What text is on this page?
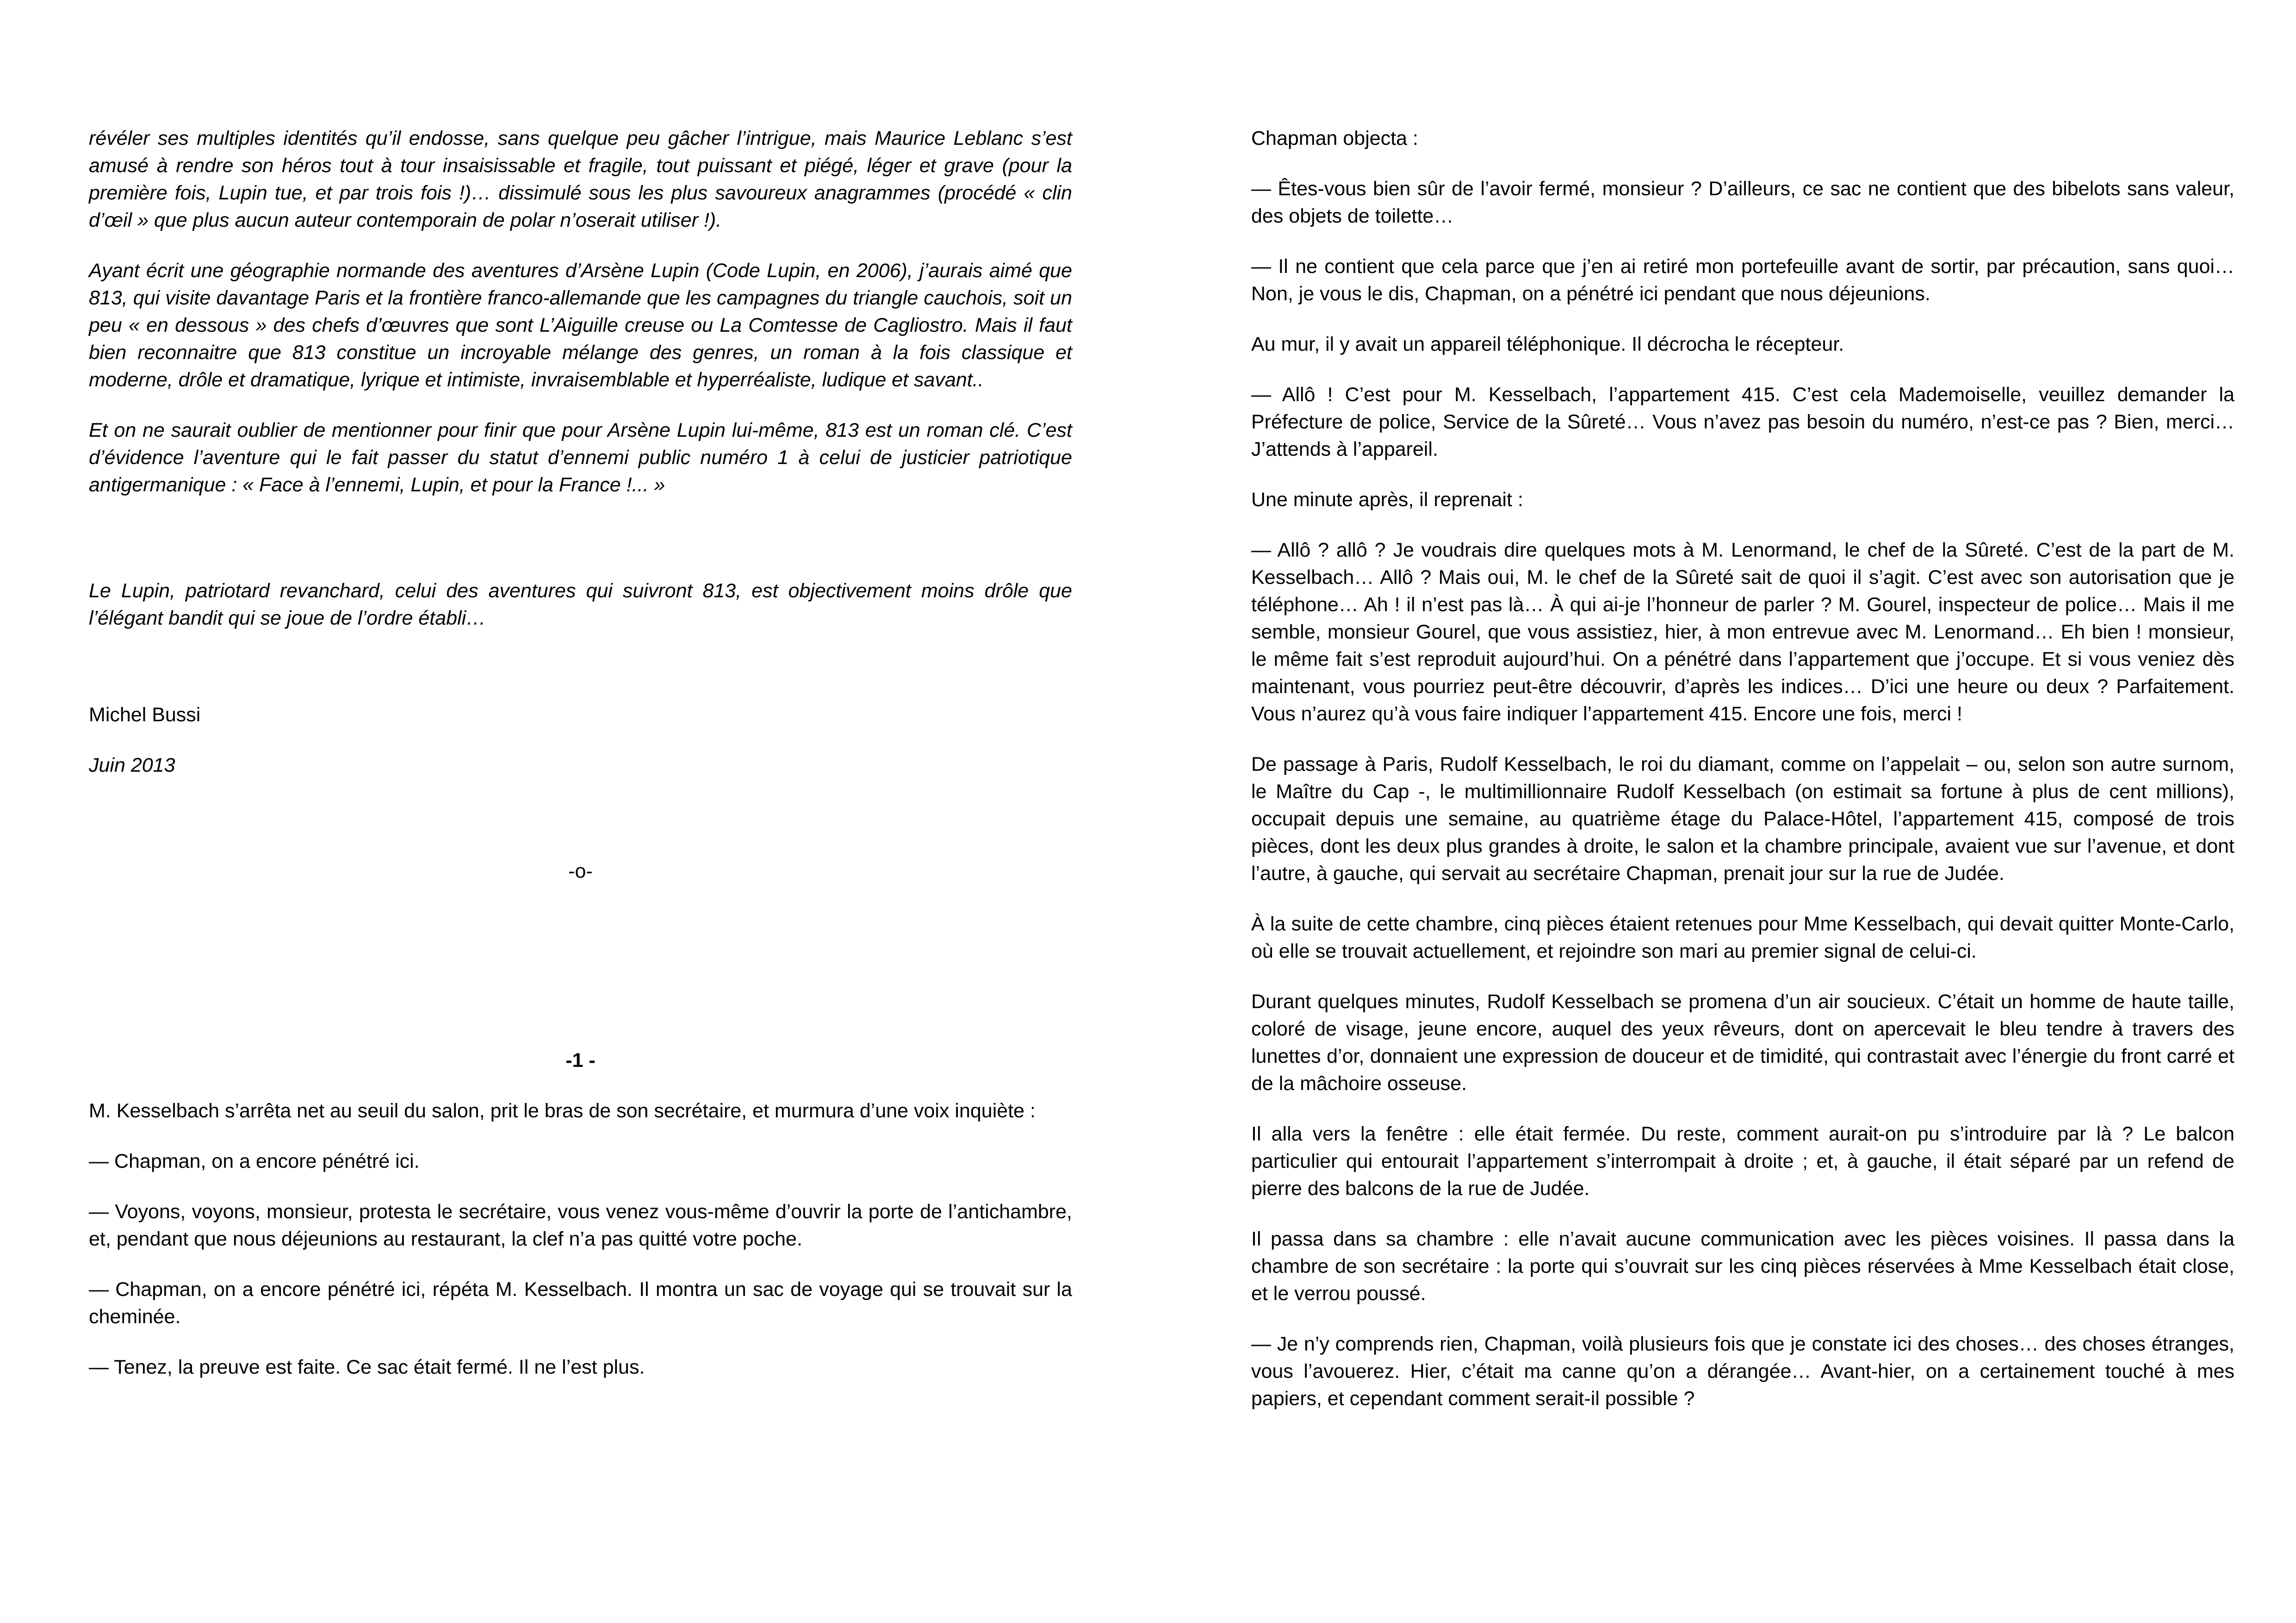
révéler ses multiples identités qu’il endosse, sans quelque peu gâcher l’intrigue, mais Maurice Leblanc s’est amusé à rendre son héros tout à tour insaisissable et fragile, tout puissant et piégé, léger et grave (pour la première fois, Lupin tue, et par trois fois !)… dissimulé sous les plus savoureux anagrammes (procédé « clin d’œil » que plus aucun auteur contemporain de polar n’oserait utiliser !).

Ayant écrit une géographie normande des aventures d’Arsène Lupin (Code Lupin, en 2006), j’aurais aimé que 813, qui visite davantage Paris et la frontière franco-allemande que les campagnes du triangle cauchois, soit un peu « en dessous » des chefs d’œuvres que sont L’Aiguille creuse ou La Comtesse de Cagliostro. Mais il faut bien reconnaitre que 813 constitue un incroyable mélange des genres, un roman à la fois classique et moderne, drôle et dramatique, lyrique et intimiste, invraisemblable et hyperréaliste, ludique et savant..

Et on ne saurait oublier de mentionner pour finir que pour Arsène Lupin lui-même, 813 est un roman clé. C’est d’évidence l’aventure qui le fait passer du statut d’ennemi public numéro 1 à celui de justicier patriotique antigermanique : « Face à l’ennemi, Lupin, et pour la France !... »

Le Lupin, patriotard revanchard, celui des aventures qui suivront 813, est objectivement moins drôle que l’élégant bandit qui se joue de l’ordre établi…

Michel Bussi

Juin 2013

-o-

-1 -

M. Kesselbach s’arrêta net au seuil du salon, prit le bras de son secrétaire, et murmura d’une voix inquiète :

— Chapman, on a encore pénétré ici.

— Voyons, voyons, monsieur, protesta le secrétaire, vous venez vous-même d’ouvrir la porte de l’antichambre, et, pendant que nous déjeunions au restaurant, la clef n’a pas quitté votre poche.

— Chapman, on a encore pénétré ici, répéta M. Kesselbach. Il montra un sac de voyage qui se trouvait sur la cheminée.

— Tenez, la preuve est faite. Ce sac était fermé. Il ne l’est plus.

Chapman objecta :

— Êtes-vous bien sûr de l’avoir fermé, monsieur ? D’ailleurs, ce sac ne contient que des bibelots sans valeur, des objets de toilette…

— Il ne contient que cela parce que j’en ai retiré mon portefeuille avant de sortir, par précaution, sans quoi… Non, je vous le dis, Chapman, on a pénétré ici pendant que nous déjeunions.

Au mur, il y avait un appareil téléphonique. Il décrocha le récepteur.

— Allô ! C’est pour M. Kesselbach, l’appartement 415. C’est cela Mademoiselle, veuillez demander la Préfecture de police, Service de la Sûreté… Vous n’avez pas besoin du numéro, n’est-ce pas ? Bien, merci… J’attends à l’appareil.

Une minute après, il reprenait :

— Allô ? allô ? Je voudrais dire quelques mots à M. Lenormand, le chef de la Sûreté. C’est de la part de M. Kesselbach… Allô ? Mais oui, M. le chef de la Sûreté sait de quoi il s’agit. C’est avec son autorisation que je téléphone… Ah ! il n’est pas là… À qui ai-je l’honneur de parler ? M. Gourel, inspecteur de police… Mais il me semble, monsieur Gourel, que vous assistiez, hier, à mon entrevue avec M. Lenormand… Eh bien ! monsieur, le même fait s’est reproduit aujourd’hui. On a pénétré dans l’appartement que j’occupe. Et si vous veniez dès maintenant, vous pourriez peut-être découvrir, d’après les indices… D’ici une heure ou deux ? Parfaitement. Vous n’aurez qu’à vous faire indiquer l’appartement 415. Encore une fois, merci !

De passage à Paris, Rudolf Kesselbach, le roi du diamant, comme on l’appelait – ou, selon son autre surnom, le Maître du Cap -, le multimillionnaire Rudolf Kesselbach (on estimait sa fortune à plus de cent millions), occupait depuis une semaine, au quatrième étage du Palace-Hôtel, l’appartement 415, composé de trois pièces, dont les deux plus grandes à droite, le salon et la chambre principale, avaient vue sur l’avenue, et dont l’autre, à gauche, qui servait au secrétaire Chapman, prenait jour sur la rue de Judée.

À la suite de cette chambre, cinq pièces étaient retenues pour Mme Kesselbach, qui devait quitter Monte-Carlo, où elle se trouvait actuellement, et rejoindre son mari au premier signal de celui-ci.

Durant quelques minutes, Rudolf Kesselbach se promena d’un air soucieux. C’était un homme de haute taille, coloré de visage, jeune encore, auquel des yeux rêveurs, dont on apercevait le bleu tendre à travers des lunettes d’or, donnaient une expression de douceur et de timidité, qui contrastait avec l’énergie du front carré et de la mâchoire osseuse.

Il alla vers la fenêtre : elle était fermée. Du reste, comment aurait-on pu s’introduire par là ? Le balcon particulier qui entourait l’appartement s’interrompait à droite ; et, à gauche, il était séparé par un refend de pierre des balcons de la rue de Judée.

Il passa dans sa chambre : elle n’avait aucune communication avec les pièces voisines. Il passa dans la chambre de son secrétaire : la porte qui s’ouvrait sur les cinq pièces réservées à Mme Kesselbach était close, et le verrou poussé.

— Je n’y comprends rien, Chapman, voilà plusieurs fois que je constate ici des choses… des choses étranges, vous l’avouerez. Hier, c’était ma canne qu’on a dérangée… Avant-hier, on a certainement touché à mes papiers, et cependant comment serait-il possible ?
